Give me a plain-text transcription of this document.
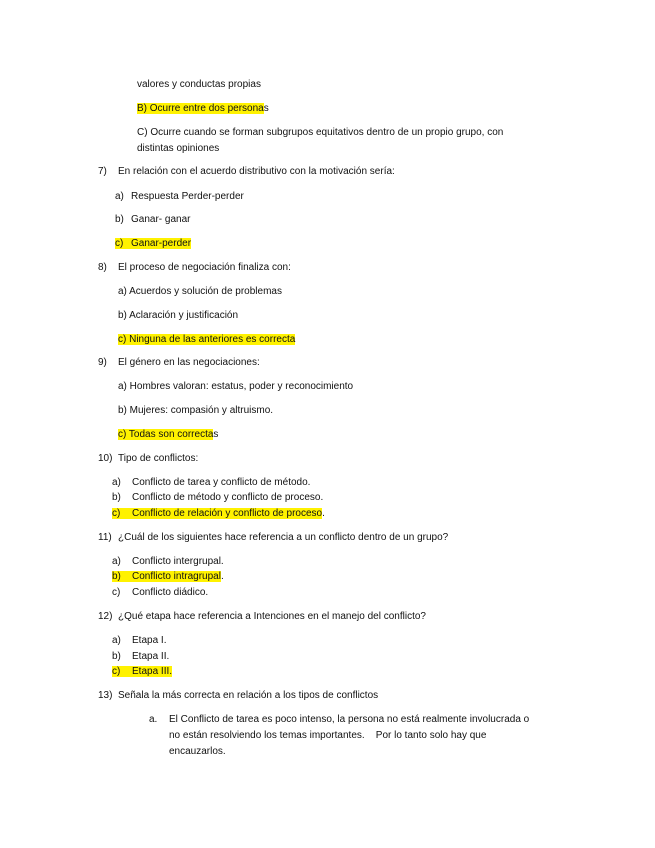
valores y conductas propias
B) Ocurre entre dos personas
C) Ocurre cuando se forman subgrupos equitativos dentro de un propio grupo, con
distintas opiniones
7) En relación con el acuerdo distributivo con la motivación sería:
a) Respuesta Perder-perder
b) Ganar- ganar
c) Ganar-perder
8) El proceso de negociación finaliza con:
a) Acuerdos y solución de problemas
b) Aclaración y justificación
c) Ninguna de las anteriores es correcta
9) El género en las negociaciones:
a) Hombres valoran: estatus, poder y reconocimiento
b) Mujeres: compasión y altruismo.
c) Todas son correctas
10) Tipo de conflictos:
a) Conflicto de tarea y conflicto de método.
b) Conflicto de método y conflicto de proceso.
c) Conflicto de relación y conflicto de proceso.
11) ¿Cuál de los siguientes hace referencia a un conflicto dentro de un grupo?
a) Conflicto intergrupal.
b) Conflicto intragrupal.
c) Conflicto diádico.
12) ¿Qué etapa hace referencia a Intenciones en el manejo del conflicto?
a) Etapa I.
b) Etapa II.
c) Etapa III.
13) Señala la más correcta en relación a los tipos de conflictos
a. El Conflicto de tarea es poco intenso, la persona no está realmente involucrada o
no están resolviendo los temas importantes.    Por lo tanto solo hay que
encauzarlos.
